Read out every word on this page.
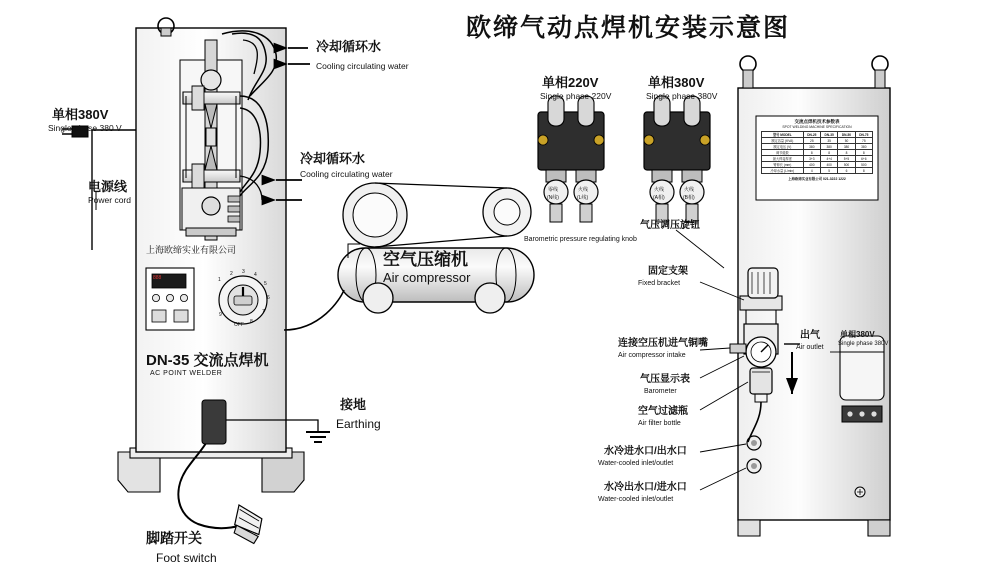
欧缔气动点焊机安装示意图
单相380V
Single phase 380 V
电源线
Power cord
冷却循环水
Cooling circulating water
冷却循环水
Cooling circulating water
上海欧缔实业有限公司
DN-35 交流点焊机
AC POINT WELDER
888
OFF
1
2 3 4
5
6
7
8
9
接地
Earthing
脚踏开关
Foot switch
空气压缩机
Air compressor
单相220V
Single phase 220V
单相380V
Single phase 380V
零线
(N线)
火线
(L线)
火线
(A相)
火线
(B相)
气压调压旋钮
Barometric pressure regulating knob
固定支架
Fixed bracket
连接空压机进气铜嘴
Air compressor intake
气压显示表
Barometer
空气过滤瓶
Air filter bottle
水冷进水口/出水口
Water-cooled inlet/outlet
水冷出水口/进水口
Water-cooled inlet/outlet
出气
Air outlet
单相380V
Single phase 380V
交流点焊机技术参数表
SPOT WELDING MACHINE SPECIFICATION
型号 MODEL	DN-25	DN-35	DN-50	DN-75
额定容量 (KVA)	25	35	50	75
额定电压 (V)	380	380	380	380
调节级数	8	8	8	8
最大焊接厚度	3+3	4+4	5+5	6+6
臂伸长 (mm)	400	400	500	500
冷却水量 (L/min)	4	5	6	8
上海欧缔实业有限公司 021-3222 1222
